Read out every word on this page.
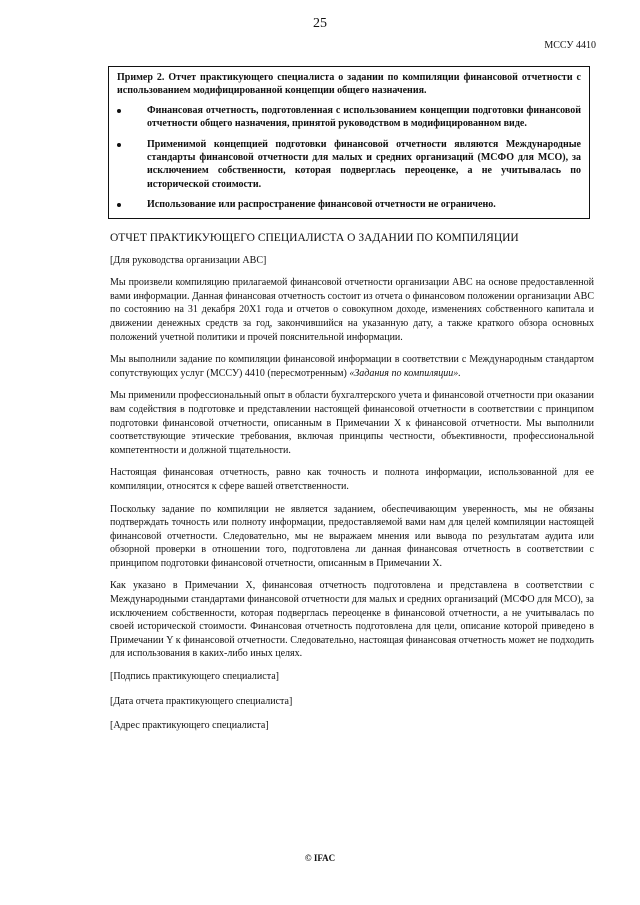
25
МССУ 4410

Пример 2. Отчет практикующего специалиста о задании по компиляции финансовой отчетности с использованием модифицированной концепции общего назначения.

Финансовая отчетность, подготовленная с использованием концепции подготовки финансовой отчетности общего назначения, принятой руководством в модифицированном виде.
Применимой концепцией подготовки финансовой отчетности являются Международные стандарты финансовой отчетности для малых и средних организаций (МСФО для МСО), за исключением собственности, которая подверглась переоценке, а не учитывалась по исторической стоимости.
Использование или распространение финансовой отчетности не ограничено.
ОТЧЕТ ПРАКТИКУЮЩЕГО СПЕЦИАЛИСТА О ЗАДАНИИ ПО КОМПИЛЯЦИИ

[Для руководства организации АВС]

Мы произвели компиляцию прилагаемой финансовой отчетности организации АВС на основе предоставленной вами информации. Данная финансовая отчетность состоит из отчета о финансовом положении организации АВС по состоянию на 31 декабря 20Х1 года и отчетов о совокупном доходе, изменениях собственного капитала и движении денежных средств за год, закончившийся на указанную дату, а также краткого обзора основных положений учетной политики и прочей пояснительной информации.

Мы выполнили задание по компиляции финансовой информации в соответствии с Международным стандартом сопутствующих услуг (МССУ) 4410 (пересмотренным) «Задания по компиляции».

Мы применили профессиональный опыт в области бухгалтерского учета и финансовой отчетности при оказании вам содействия в подготовке и представлении настоящей финансовой отчетности в соответствии с принципом подготовки финансовой отчетности, описанным в Примечании Х к финансовой отчетности. Мы выполнили соответствующие этические требования, включая принципы честности, объективности, профессиональной компетентности и должной тщательности.

Настоящая финансовая отчетность, равно как точность и полнота информации, использованной для ее компиляции, относятся к сфере вашей ответственности.

Поскольку задание по компиляции не является заданием, обеспечивающим уверенность, мы не обязаны подтверждать точность или полноту информации, предоставляемой вами нам для целей компиляции настоящей финансовой отчетности. Следовательно, мы не выражаем мнения или вывода по результатам аудита или обзорной проверки в отношении того, подготовлена ли данная финансовая отчетность в соответствии с принципом подготовки финансовой отчетности, описанным в Примечании Х.

Как указано в Примечании Х, финансовая отчетность подготовлена и представлена в соответствии с Международными стандартами финансовой отчетности для малых и средних организаций (МСФО для МСО), за исключением собственности, которая подверглась переоценке в финансовой отчетности, а не учитывалась по своей исторической стоимости. Финансовая отчетность подготовлена для цели, описание которой приведено в Примечании Y к финансовой отчетности. Следовательно, настоящая финансовая отчетность может не подходить для использования в каких-либо иных целях.

[Подпись практикующего специалиста]

[Дата отчета практикующего специалиста]

[Адрес практикующего специалиста]

© IFAC
